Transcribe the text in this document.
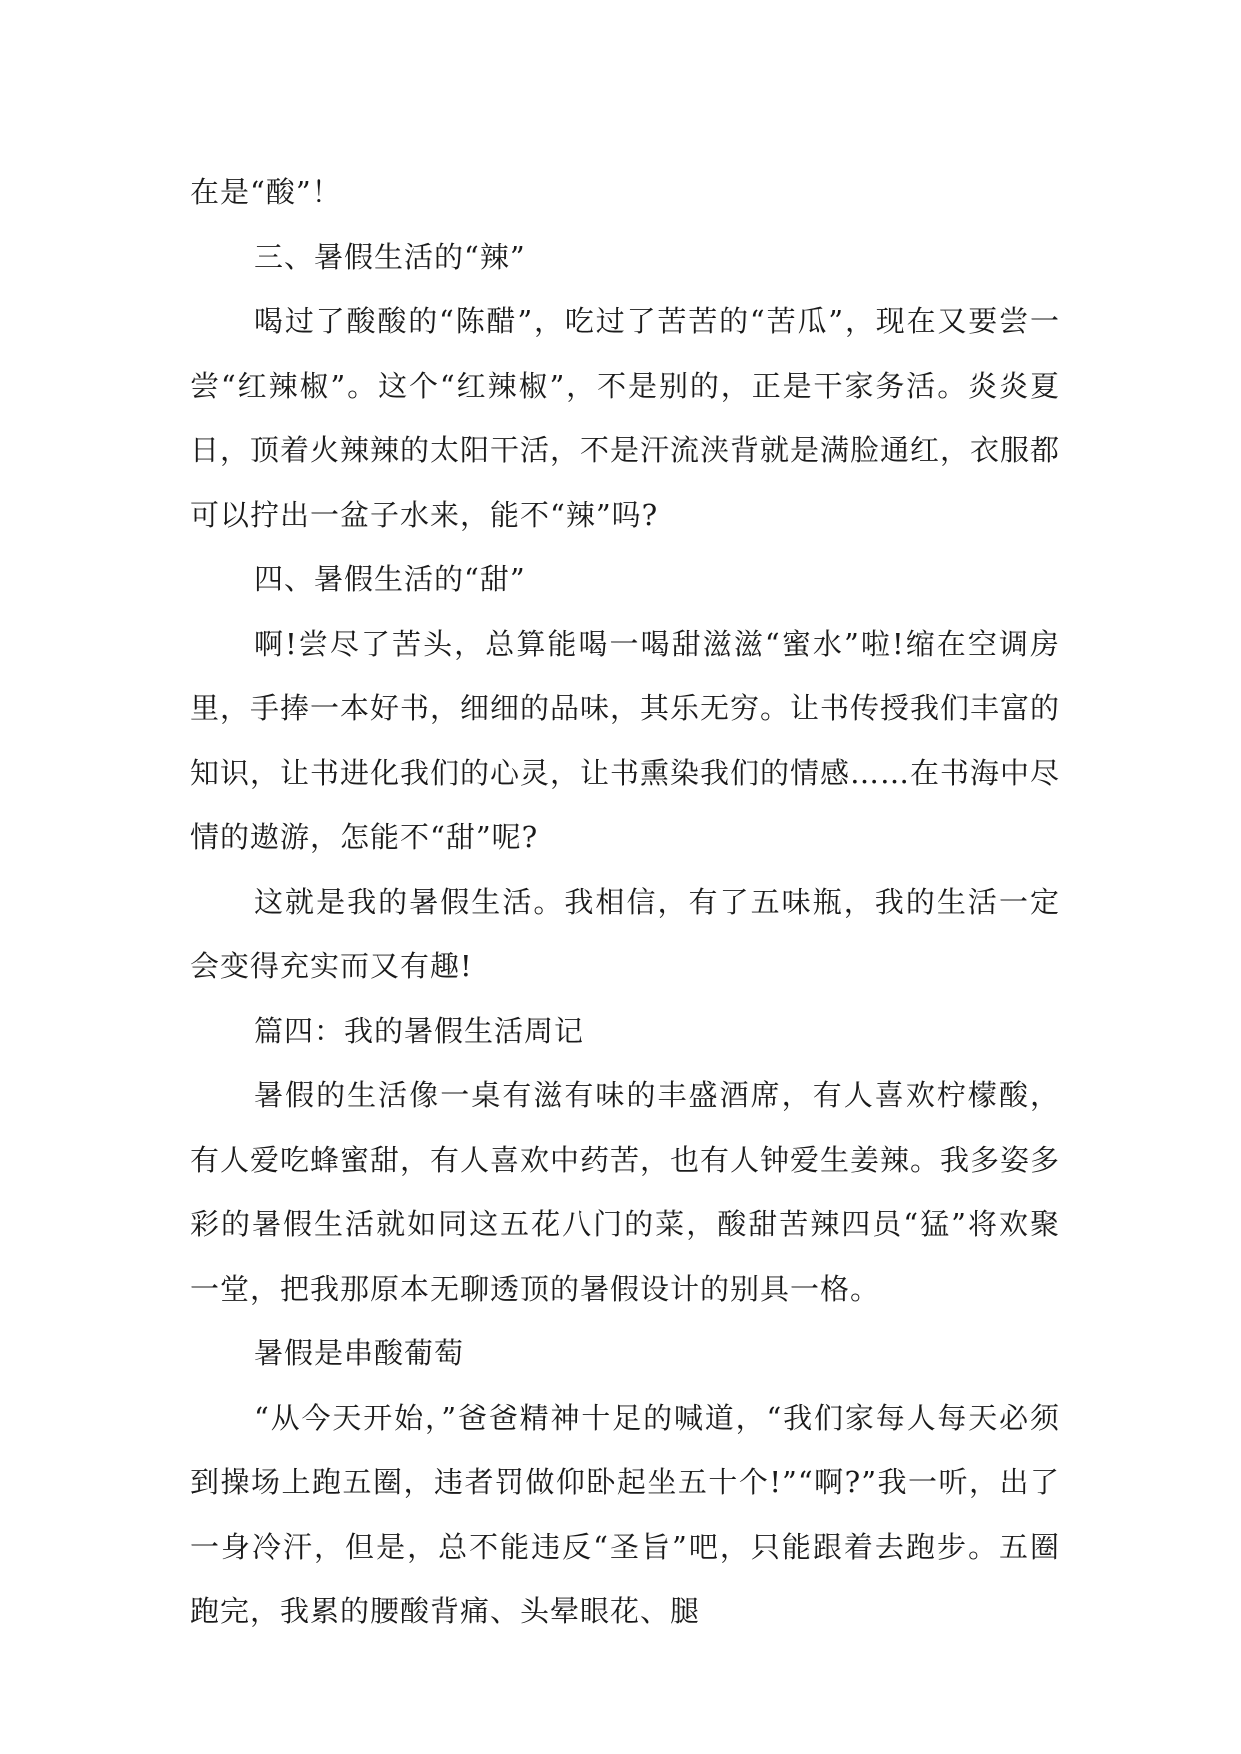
在是“酸”！

三、暑假生活的“辣”

喝过了酸酸的“陈醋”，吃过了苦苦的“苦瓜”，现在又要尝一尝“红辣椒”。这个“红辣椒”，不是别的，正是干家务活。炎炎夏日，顶着火辣辣的太阳干活，不是汗流浃背就是满脸通红，衣服都可以拧出一盆子水来，能不“辣”吗?

四、暑假生活的“甜”

啊!尝尽了苦头，总算能喝一喝甜滋滋“蜜水”啦!缩在空调房里，手捧一本好书，细细的品味，其乐无穷。让书传授我们丰富的知识，让书进化我们的心灵，让书熏染我们的情感……在书海中尽情的遨游，怎能不“甜”呢?

这就是我的暑假生活。我相信，有了五味瓶，我的生活一定会变得充实而又有趣!

篇四：我的暑假生活周记

暑假的生活像一桌有滋有味的丰盛酒席，有人喜欢柠檬酸，有人爱吃蜂蜜甜，有人喜欢中药苦，也有人钟爱生姜辣。我多姿多彩的暑假生活就如同这五花八门的菜，酸甜苦辣四员“猛”将欢聚一堂，把我那原本无聊透顶的暑假设计的别具一格。

暑假是串酸葡萄

“从今天开始，”爸爸精神十足的喊道，“我们家每人每天必须到操场上跑五圈，违者罚做仰卧起坐五十个!”“啊?”我一听，出了一身冷汗，但是，总不能违反“圣旨”吧，只能跟着去跑步。五圈跑完，我累的腰酸背痛、头晕眼花、腿
